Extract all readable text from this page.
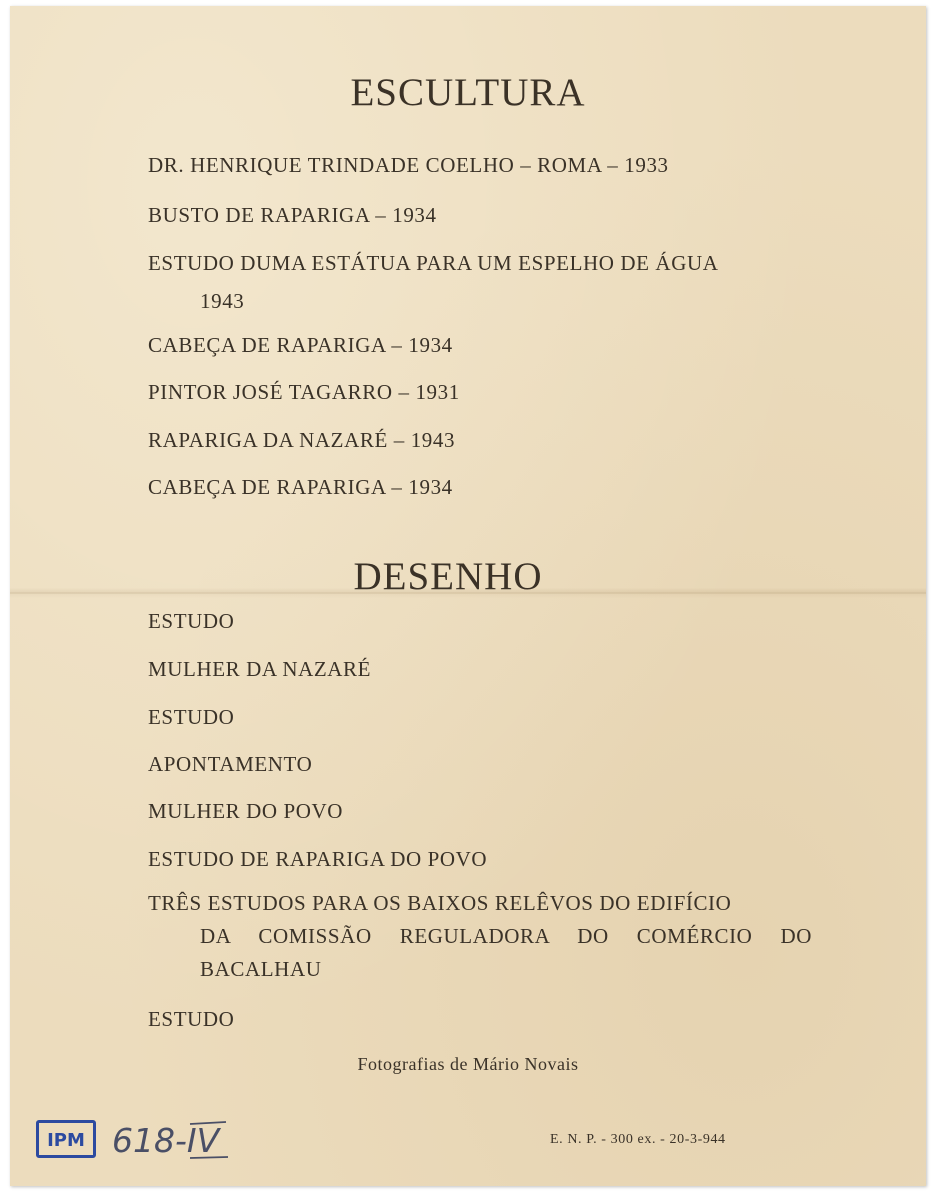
ESCULTURA
DR. HENRIQUE TRINDADE COELHO – ROMA – 1933
BUSTO DE RAPARIGA – 1934
ESTUDO DUMA ESTÁTUA PARA UM ESPELHO DE ÁGUA
1943
CABEÇA DE RAPARIGA – 1934
PINTOR JOSÉ TAGARRO – 1931
RAPARIGA DA NAZARÉ – 1943
CABEÇA DE RAPARIGA – 1934
DESENHO
ESTUDO
MULHER DA NAZARÉ
ESTUDO
APONTAMENTO
MULHER DO POVO
ESTUDO DE RAPARIGA DO POVO
TRÊS ESTUDOS PARA OS BAIXOS RELÊVOS DO EDIFÍCIO
DA COMISSÃO REGULADORA DO COMÉRCIO DO BACALHAU
ESTUDO
Fotografias de Mário Novais
IPM 618-IV	E. N. P. - 300 ex. - 20-3-944
